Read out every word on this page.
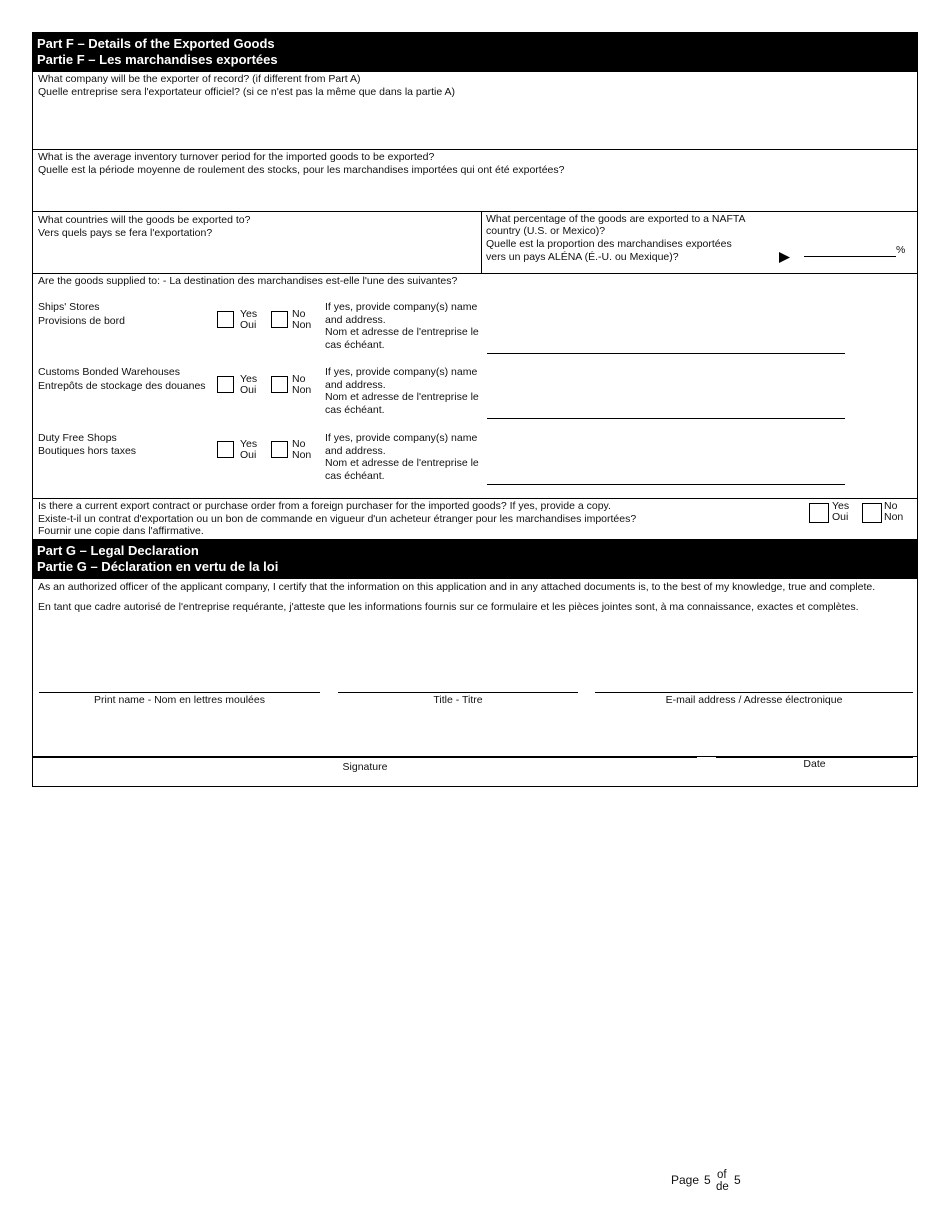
Part F – Details of the Exported Goods
Partie F – Les marchandises exportées
What company will be the exporter of record? (if different from Part A)
Quelle entreprise sera l'exportateur officiel? (si ce n'est pas la même que dans la partie A)
What is the average inventory turnover period for the imported goods to be exported?
Quelle est la période moyenne de roulement des stocks, pour les marchandises importées qui ont été exportées?
What countries will the goods be exported to?
Vers quels pays se fera l'exportation?
What percentage of the goods are exported to a NAFTA
country (U.S. or Mexico)?
Quelle est la proportion des marchandises exportées
vers un pays ALÉNA (É.-U. ou Mexique)?
%
Are the goods supplied to: - La destination des marchandises est-elle l'une des suivantes?
Ships' Stores
Provisions de bord
Yes
Oui
No
Non
If yes, provide company(s) name
and address.
Nom et adresse de l'entreprise le
cas échéant.
Customs Bonded Warehouses
Entrepôts de stockage des douanes
Yes
Oui
No
Non
If yes, provide company(s) name
and address.
Nom et adresse de l'entreprise le
cas échéant.
Duty Free Shops
Boutiques hors taxes
Yes
Oui
No
Non
If yes, provide company(s) name
and address.
Nom et adresse de l'entreprise le
cas échéant.
Is there a current export contract or purchase order from a foreign purchaser for the imported goods? If yes, provide a copy.
Existe-t-il un contrat d'exportation ou un bon de commande en vigueur d'un acheteur étranger pour les marchandises importées?
Fournir une copie dans l'affirmative.
Yes
Oui
No
Non
Part G – Legal Declaration
Partie G – Déclaration en vertu de la loi
As an authorized officer of the applicant company, I certify that the information on this application and in any attached documents is, to the best of my knowledge, true and complete.
En tant que cadre autorisé de l'entreprise requérante, j'atteste que les informations fournis sur ce formulaire et les pièces jointes sont, à ma connaissance, exactes et complètes.
Print name - Nom en lettres moulées	Title - Titre	E-mail address / Adresse électronique
Signature	Date
Page 5 of
de 5
